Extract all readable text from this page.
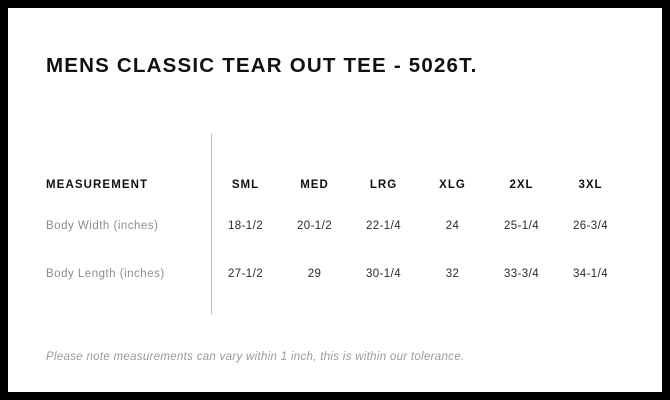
MENS CLASSIC TEAR OUT TEE - 5026T.
MEASUREMENT	SML	MED	LRG	XLG	2XL	3XL
Body Width (inches)	18-1/2	20-1/2	22-1/4	24	25-1/4	26-3/4
Body Length (inches)	27-1/2	29	30-1/4	32	33-3/4	34-1/4
Please note measurements can vary within 1 inch, this is within our tolerance.
